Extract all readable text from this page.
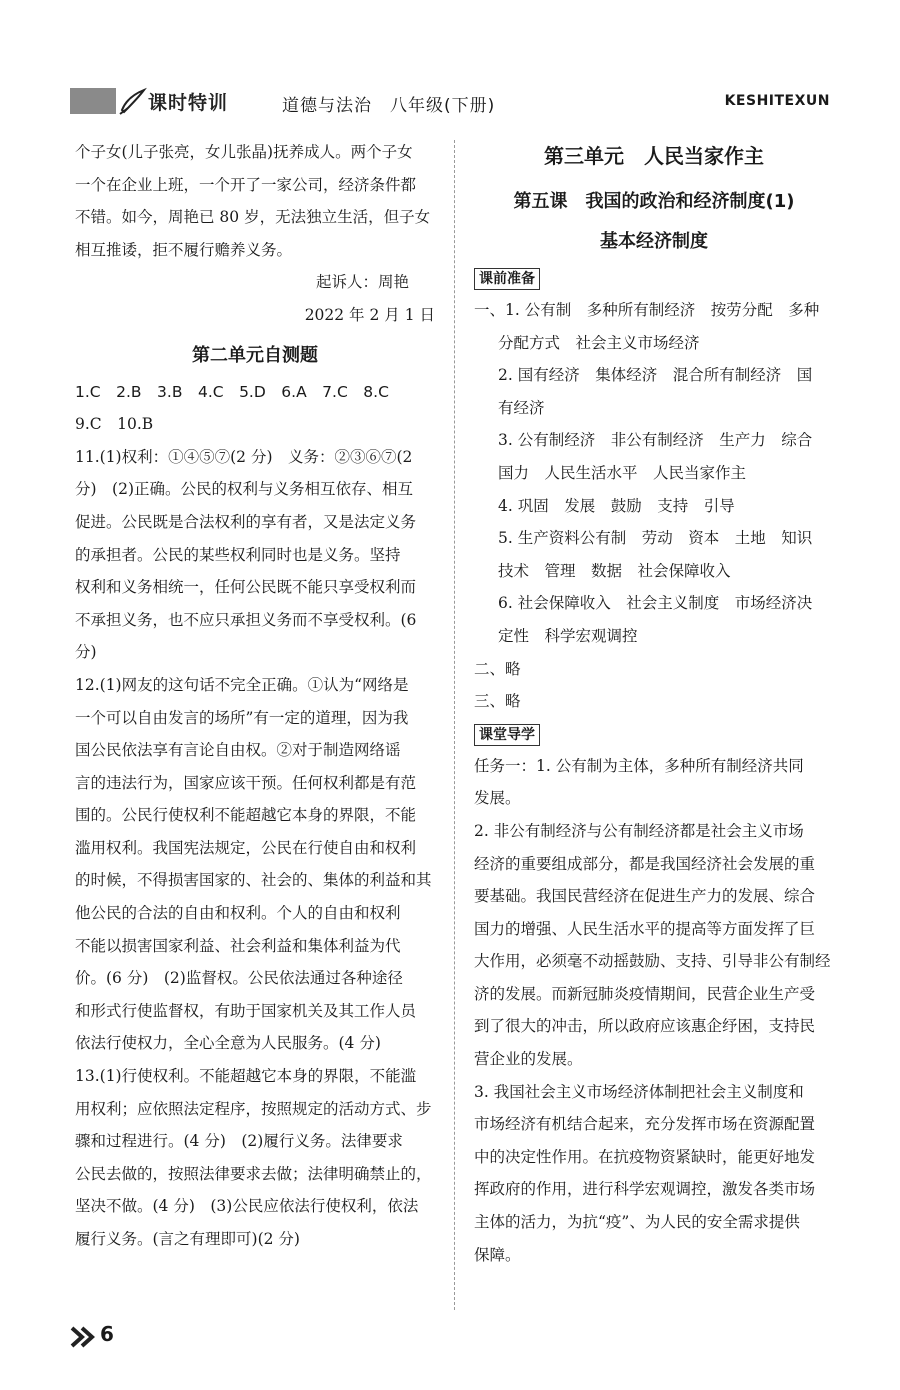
课时特训	道德与法治　八年级(下册)	KESHITEXUN

个子女(儿子张亮，女儿张晶)抚养成人。两个子女

一个在企业上班，一个开了一家公司，经济条件都

不错。如今，周艳已 80 岁，无法独立生活，但子女

相互推诿，拒不履行赡养义务。

起诉人：周艳

2022 年 2 月 1 日

第二单元自测题

1.C　2.B　3.B　4.C　5.D　6.A　7.C　8.C

9.C　10.B

11.(1)权利：①④⑤⑦(2 分)　义务：②③⑥⑦(2

分)　(2)正确。公民的权利与义务相互依存、相互

促进。公民既是合法权利的享有者，又是法定义务

的承担者。公民的某些权利同时也是义务。坚持

权利和义务相统一，任何公民既不能只享受权利而

不承担义务，也不应只承担义务而不享受权利。(6

分)

12.(1)网友的这句话不完全正确。①认为“网络是

一个可以自由发言的场所”有一定的道理，因为我

国公民依法享有言论自由权。②对于制造网络谣

言的违法行为，国家应该干预。任何权利都是有范

围的。公民行使权利不能超越它本身的界限，不能

滥用权利。我国宪法规定，公民在行使自由和权利

的时候，不得损害国家的、社会的、集体的利益和其

他公民的合法的自由和权利。个人的自由和权利

不能以损害国家利益、社会利益和集体利益为代

价。(6 分)　(2)监督权。公民依法通过各种途径

和形式行使监督权，有助于国家机关及其工作人员

依法行使权力，全心全意为人民服务。(4 分)

13.(1)行使权利。不能超越它本身的界限，不能滥

用权利；应依照法定程序，按照规定的活动方式、步

骤和过程进行。(4 分)　(2)履行义务。法律要求

公民去做的，按照法律要求去做；法律明确禁止的，

坚决不做。(4 分)　(3)公民应依法行使权利，依法

履行义务。(言之有理即可)(2 分)

第三单元　人民当家作主
第五课　我国的政治和经济制度(1)
基本经济制度
课前准备

一、1. 公有制　多种所有制经济　按劳分配　多种

分配方式　社会主义市场经济

2. 国有经济　集体经济　混合所有制经济　国

有经济

3. 公有制经济　非公有制经济　生产力　综合

国力　人民生活水平　人民当家作主

4. 巩固　发展　鼓励　支持　引导

5. 生产资料公有制　劳动　资本　土地　知识

技术　管理　数据　社会保障收入

6. 社会保障收入　社会主义制度　市场经济决

定性　科学宏观调控

二、略

三、略

课堂导学

任务一：1. 公有制为主体，多种所有制经济共同

发展。

2. 非公有制经济与公有制经济都是社会主义市场

经济的重要组成部分，都是我国经济社会发展的重

要基础。我国民营经济在促进生产力的发展、综合

国力的增强、人民生活水平的提高等方面发挥了巨

大作用，必须毫不动摇鼓励、支持、引导非公有制经

济的发展。而新冠肺炎疫情期间，民营企业生产受

到了很大的冲击，所以政府应该惠企纾困，支持民

营企业的发展。

3. 我国社会主义市场经济体制把社会主义制度和

市场经济有机结合起来，充分发挥市场在资源配置

中的决定性作用。在抗疫物资紧缺时，能更好地发

挥政府的作用，进行科学宏观调控，激发各类市场

主体的活力，为抗“疫”、为人民的安全需求提供

保障。

6
